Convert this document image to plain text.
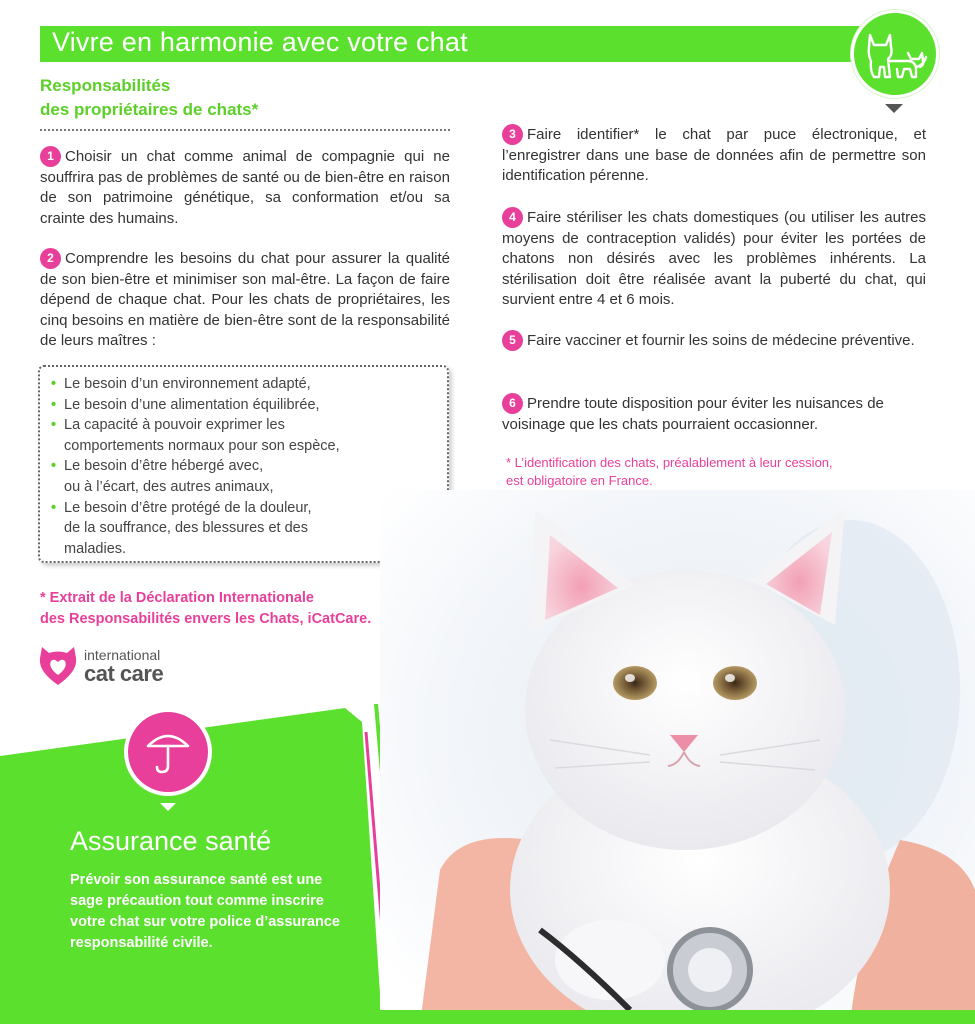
Vivre en harmonie avec votre chat
Responsabilités
des propriétaires de chats*
1 Choisir un chat comme animal de compagnie qui ne souffrira pas de problèmes de santé ou de bien-être en raison de son patrimoine génétique, sa conformation et/ou sa crainte des humains.
2 Comprendre les besoins du chat pour assurer la qualité de son bien-être et minimiser son mal-être. La façon de faire dépend de chaque chat. Pour les chats de propriétaires, les cinq besoins en matière de bien-être sont de la responsabilité de leurs maîtres :
• Le besoin d’un environnement adapté,
• Le besoin d’une alimentation équilibrée,
• La capacité à pouvoir exprimer les
comportements normaux pour son espèce,
• Le besoin d’être hébergé avec,
ou à l’écart, des autres animaux,
• Le besoin d’être protégé de la douleur,
de la souffrance, des blessures et des
maladies.
* Extrait de la Déclaration Internationale
des Responsabilités envers les Chats, iCatCare.
international
cat care
Assurance santé
Prévoir son assurance santé est une sage précaution tout comme inscrire votre chat sur votre police d’assurance responsabilité civile.
3 Faire identifier* le chat par puce électronique, et l’enregistrer dans une base de données afin de permettre son identification pérenne.
4 Faire stériliser les chats domestiques (ou utiliser les autres moyens de contraception validés) pour éviter les portées de chatons non désirés avec les problèmes inhérents. La stérilisation doit être réalisée avant la puberté du chat, qui survient entre 4 et 6 mois.
5 Faire vacciner et fournir les soins de médecine préventive.
6 Prendre toute disposition pour éviter les nuisances de voisinage que les chats pourraient occasionner.
* L’identification des chats, préalablement à leur cession,
est obligatoire en France.
